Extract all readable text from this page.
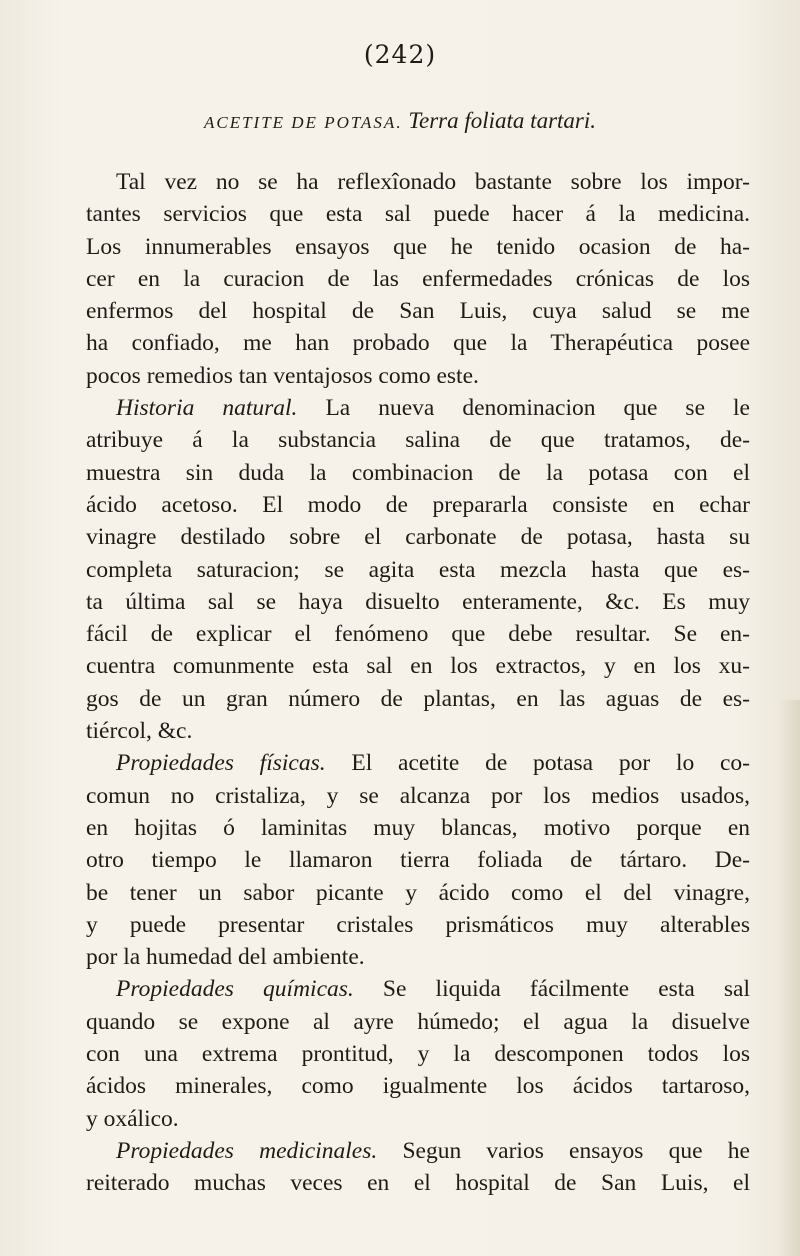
(242)
ACETITE DE POTASA. Terra foliata tartari.
Tal vez no se ha reflexîonado bastante sobre los impor-
tantes servicios que esta sal puede hacer á la medicina.
Los innumerables ensayos que he tenido ocasion de ha-
cer en la curacion de las enfermedades crónicas de los
enfermos del hospital de San Luis, cuya salud se me
ha confiado, me han probado que la Therapéutica posee
pocos remedios tan ventajosos como este.
Historia natural. La nueva denominacion que se le
atribuye á la substancia salina de que tratamos, de-
muestra sin duda la combinacion de la potasa con el
ácido acetoso. El modo de prepararla consiste en echar
vinagre destilado sobre el carbonate de potasa, hasta su
completa saturacion; se agita esta mezcla hasta que es-
ta última sal se haya disuelto enteramente, &c. Es muy
fácil de explicar el fenómeno que debe resultar. Se en-
cuentra comunmente esta sal en los extractos, y en los xu-
gos de un gran número de plantas, en las aguas de es-
tiércol, &c.
Propiedades físicas. El acetite de potasa por lo co-
comun no cristaliza, y se alcanza por los medios usados,
en hojitas ó laminitas muy blancas, motivo porque en
otro tiempo le llamaron tierra foliada de tártaro. De-
be tener un sabor picante y ácido como el del vinagre,
y puede presentar cristales prismáticos muy alterables
por la humedad del ambiente.
Propiedades químicas. Se liquida fácilmente esta sal
quando se expone al ayre húmedo; el agua la disuelve
con una extrema prontitud, y la descomponen todos los
ácidos minerales, como igualmente los ácidos tartaroso,
y oxálico.
Propiedades medicinales. Segun varios ensayos que he
reiterado muchas veces en el hospital de San Luis, el
